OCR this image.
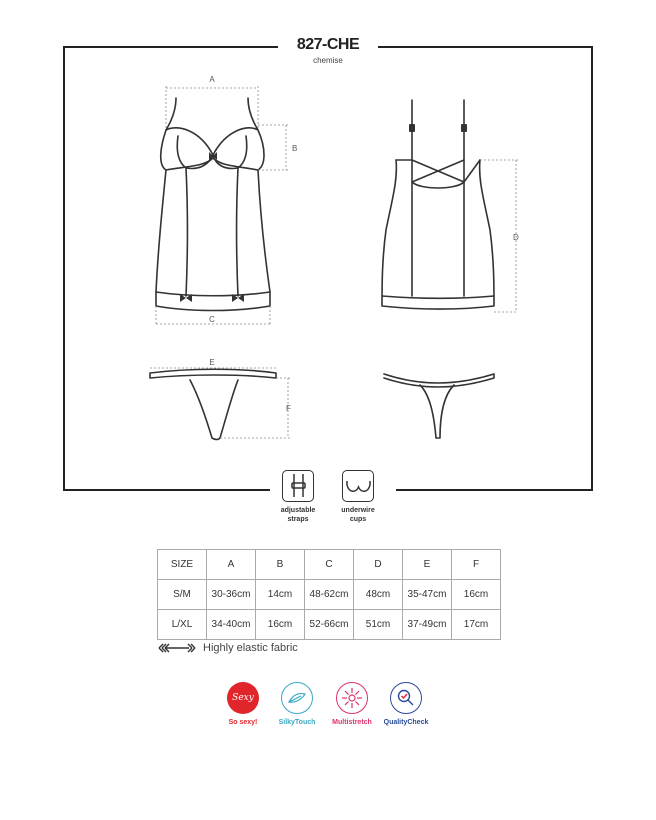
827-CHE
chemise
A
B
C
D
E
F
adjustable
straps
underwire
cups
SIZE	A	B	C	D	E	F
S/M	30-36cm	14cm	48-62cm	48cm	35-47cm	16cm
L/XL	34-40cm	16cm	52-66cm	51cm	37-49cm	17cm
Highly elastic fabric
Sexy
So sexy!	SilkyTouch	Multistretch	QualityCheck
